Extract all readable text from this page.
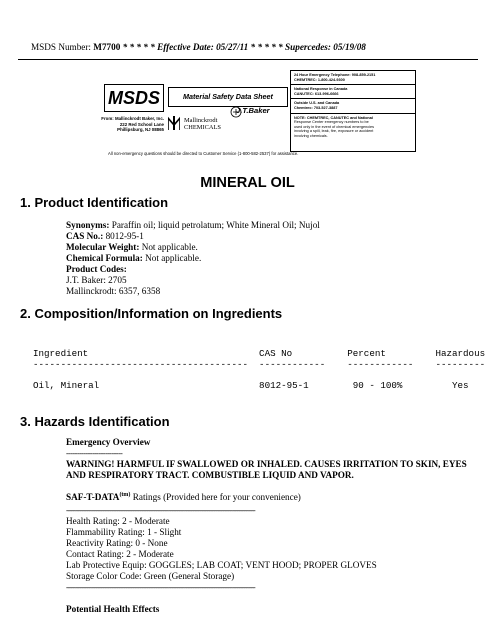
MSDS Number: M7700 * * * * * Effective Date: 05/27/11 * * * * * Supercedes: 05/19/08
MSDS	Material Safety Data Sheet
From: Mallinckrodt Baker, Inc.
222 Red School Lane
Phillipsburg, NJ 08865
Mallinckrodt
CHEMICALS
J.T.Baker
24 Hour Emergency Telephone: 908-859-2151
CHEMTREC: 1-800-424-9300
National Response in Canada
CANUTEC: 613-996-6666
Outside U.S. and Canada
Chemtrec: 703-527-3887
NOTE: CHEMTREC, CANUTEC and National
Response Center emergency numbers to be
used only in the event of chemical emergencies
involving a spill, leak, fire, exposure or accident
involving chemicals.
All non-emergency questions should be directed to Customer Service (1-800-582-2537) for assistance.
MINERAL OIL
1. Product Identification
Synonyms: Paraffin oil; liquid petrolatum; White Mineral Oil; Nujol
CAS No.: 8012-95-1
Molecular Weight: Not applicable.
Chemical Formula: Not applicable.
Product Codes:
J.T. Baker: 2705
Mallinckrodt: 6357, 6358
2. Composition/Information on Ingredients
Ingredient                               CAS No          Percent         Hazardous
---------------------------------------  ------------    ------------    ---------
Oil, Mineral                             8012-95-1        90 - 100%         Yes
3. Hazards Identification
Emergency Overview
--------------------------
WARNING! HARMFUL IF SWALLOWED OR INHALED. CAUSES IRRITATION TO SKIN, EYES AND RESPIRATORY TRACT. COMBUSTIBLE LIQUID AND VAPOR.
SAF-$T-DATA^{(tm)}$ Ratings (Provided here for your convenience)
-----------------------------------------------------------------------------------------------------------
Health Rating: 2 - Moderate
Flammability Rating: 1 - Slight
Reactivity Rating: 0 - None
Contact Rating: 2 - Moderate
Lab Protective Equip: GOGGLES; LAB COAT; VENT HOOD; PROPER GLOVES
Storage Color Code: Green (General Storage)
-----------------------------------------------------------------------------------------------------------
Potential Health Effects
